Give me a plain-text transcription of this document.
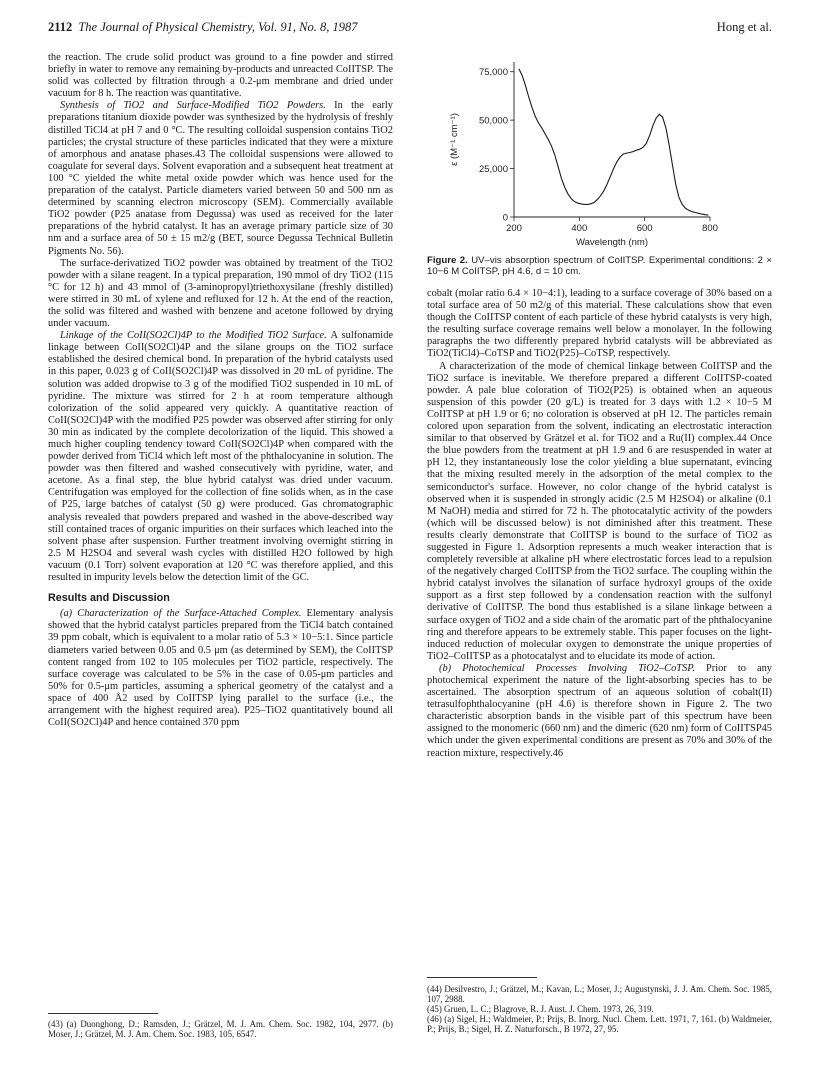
2112 The Journal of Physical Chemistry, Vol. 91, No. 8, 1987	Hong et al.

the reaction. The crude solid product was ground to a fine powder and stirred briefly in water to remove any remaining by-products and unreacted CoIITSP. The solid was collected by filtration through a 0.2-μm membrane and dried under vacuum for 8 h. The reaction was quantitative.

Synthesis of TiO2 and Surface-Modified TiO2 Powders. In the early preparations titanium dioxide powder was synthesized by the hydrolysis of freshly distilled TiCl4 at pH 7 and 0 °C. The resulting colloidal suspension contains TiO2 particles; the crystal structure of these particles indicated that they were a mixture of amorphous and anatase phases.43 The colloidal suspensions were allowed to coagulate for several days. Solvent evaporation and a subsequent heat treatment at 100 °C yielded the white metal oxide powder which was hence used for the preparation of the catalyst. Particle diameters varied between 50 and 500 nm as determined by scanning electron microscopy (SEM). Commercially available TiO2 powder (P25 anatase from Degussa) was used as received for the later preparations of the hybrid catalyst. It has an average primary particle size of 30 nm and a surface area of 50 ± 15 m2/g (BET, source Degussa Technical Bulletin Pigments No. 56).

The surface-derivatized TiO2 powder was obtained by treatment of the TiO2 powder with a silane reagent. In a typical preparation, 190 mmol of dry TiO2 (115 °C for 12 h) and 43 mmol of (3-aminopropyl)triethoxysilane (freshly distilled) were stirred in 30 mL of xylene and refluxed for 12 h. At the end of the reaction, the solid was filtered and washed with benzene and acetone followed by drying under vacuum.

Linkage of the CoII(SO2Cl)4P to the Modified TiO2 Surface. A sulfonamide linkage between CoII(SO2Cl)4P and the silane groups on the TiO2 surface established the desired chemical bond. In preparation of the hybrid catalysts used in this paper, 0.023 g of CoII(SO2Cl)4P was dissolved in 20 mL of pyridine. The solution was added dropwise to 3 g of the modified TiO2 suspended in 10 mL of pyridine. The mixture was stirred for 2 h at room temperature although colorization of the solid appeared very quickly. A quantitative reaction of CoII(SO2Cl)4P with the modified P25 powder was observed after stirring for only 30 min as indicated by the complete decolorization of the liquid. This showed a much higher coupling tendency toward CoII(SO2Cl)4P when compared with the powder derived from TiCl4 which left most of the phthalocyanine in solution. The powder was then filtered and washed consecutively with pyridine, water, and acetone. As a final step, the blue hybrid catalyst was dried under vacuum. Centrifugation was employed for the collection of fine solids when, as in the case of P25, large batches of catalyst (50 g) were produced. Gas chromatographic analysis revealed that powders prepared and washed in the above-described way still contained traces of organic impurities on their surfaces which leached into the solvent phase after suspension. Further treatment involving overnight stirring in 2.5 M H2SO4 and several wash cycles with distilled H2O followed by high vacuum (0.1 Torr) solvent evaporation at 120 °C was therefore applied, and this resulted in impurity levels below the detection limit of the GC.

Results and Discussion

(a) Characterization of the Surface-Attached Complex. Elementary analysis showed that the hybrid catalyst particles prepared from the TiCl4 batch contained 39 ppm cobalt, which is equivalent to a molar ratio of 5.3 × 10−5:1. Since particle diameters varied between 0.05 and 0.5 μm (as determined by SEM), the CoIITSP content ranged from 102 to 105 molecules per TiO2 particle, respectively. The surface coverage was calculated to be 5% in the case of 0.05-μm particles and 50% for 0.5-μm particles, assuming a spherical geometry of the catalyst and a space of 400 Å2 used by CoIITSP lying parallel to the surface (i.e., the arrangement with the highest required area). P25–TiO2 quantitatively bound all CoII(SO2Cl)4P and hence contained 370 ppm

(43) (a) Duonghong, D.; Ramsden, J.; Grätzel, M. J. Am. Chem. Soc. 1982, 104, 2977. (b) Moser, J.; Grätzel, M. J. Am. Chem. Soc. 1983, 105, 6547.

75,000
50,000
25,000
0
200	400	600	800
ε (M⁻¹ cm⁻¹)
Wavelength (nm)
Figure 2. UV–vis absorption spectrum of CoIITSP. Experimental conditions: 2 × 10−6 M CoIITSP, pH 4.6, d = 10 cm.

cobalt (molar ratio 6.4 × 10−4:1), leading to a surface coverage of 30% based on a total surface area of 50 m2/g of this material. These calculations show that even though the CoIITSP content of each particle of these hybrid catalysts is very high, the resulting surface coverage remains well below a monolayer. In the following paragraphs the two differently prepared hybrid catalysts will be abbreviated as TiO2(TiCl4)–CoTSP and TiO2(P25)–CoTSP, respectively.

A characterization of the mode of chemical linkage between CoIITSP and the TiO2 surface is inevitable. We therefore prepared a different CoIITSP-coated powder. A pale blue coloration of TiO2(P25) is obtained when an aqueous suspension of this powder (20 g/L) is treated for 3 days with 1.2 × 10−5 M CoIITSP at pH 1.9 or 6; no coloration is observed at pH 12. The particles remain colored upon separation from the solvent, indicating an electrostatic interaction similar to that observed by Grätzel et al. for TiO2 and a Ru(II) complex.44 Once the blue powders from the treatment at pH 1.9 and 6 are resuspended in water at pH 12, they instantaneously lose the color yielding a blue supernatant, evincing that the mixing resulted merely in the adsorption of the metal complex to the semiconductor's surface. However, no color change of the hybrid catalyst is observed when it is suspended in strongly acidic (2.5 M H2SO4) or alkaline (0.1 M NaOH) media and stirred for 72 h. The photocatalytic activity of the powders (which will be discussed below) is not diminished after this treatment. These results clearly demonstrate that CoIITSP is bound to the surface of TiO2 as suggested in Figure 1. Adsorption represents a much weaker interaction that is completely reversible at alkaline pH where electrostatic forces lead to a repulsion of the negatively charged CoIITSP from the TiO2 surface. The coupling within the hybrid catalyst involves the silanation of surface hydroxyl groups of the oxide support as a first step followed by a condensation reaction with the sulfonyl derivative of CoIITSP. The bond thus established is a silane linkage between a surface oxygen of TiO2 and a side chain of the aromatic part of the phthalocyanine ring and therefore appears to be extremely stable. This paper focuses on the light-induced reduction of molecular oxygen to demonstrate the unique properties of TiO2–CoIITSP as a photocatalyst and to elucidate its mode of action.

(b) Photochemical Processes Involving TiO2–CoTSP. Prior to any photochemical experiment the nature of the light-absorbing species has to be ascertained. The absorption spectrum of an aqueous solution of cobalt(II) tetrasulfophthalocyanine (pH 4.6) is therefore shown in Figure 2. The two characteristic absorption bands in the visible part of this spectrum have been assigned to the monomeric (660 nm) and the dimeric (620 nm) form of CoIITSP45 which under the given experimental conditions are present as 70% and 30% of the reaction mixture, respectively.46

(44) Desilvestro, J.; Grätzel, M.; Kavan, L.; Moser, J.; Augustynski, J. J. Am. Chem. Soc. 1985, 107, 2988.

(45) Gruen, L. C.; Blagrove, R. J. Aust. J. Chem. 1973, 26, 319.

(46) (a) Sigel, H.; Waldmeier, P.; Prijs, B. Inorg. Nucl. Chem. Lett. 1971, 7, 161. (b) Waldmeier, P.; Prijs, B.; Sigel, H. Z. Naturforsch., B 1972, 27, 95.
